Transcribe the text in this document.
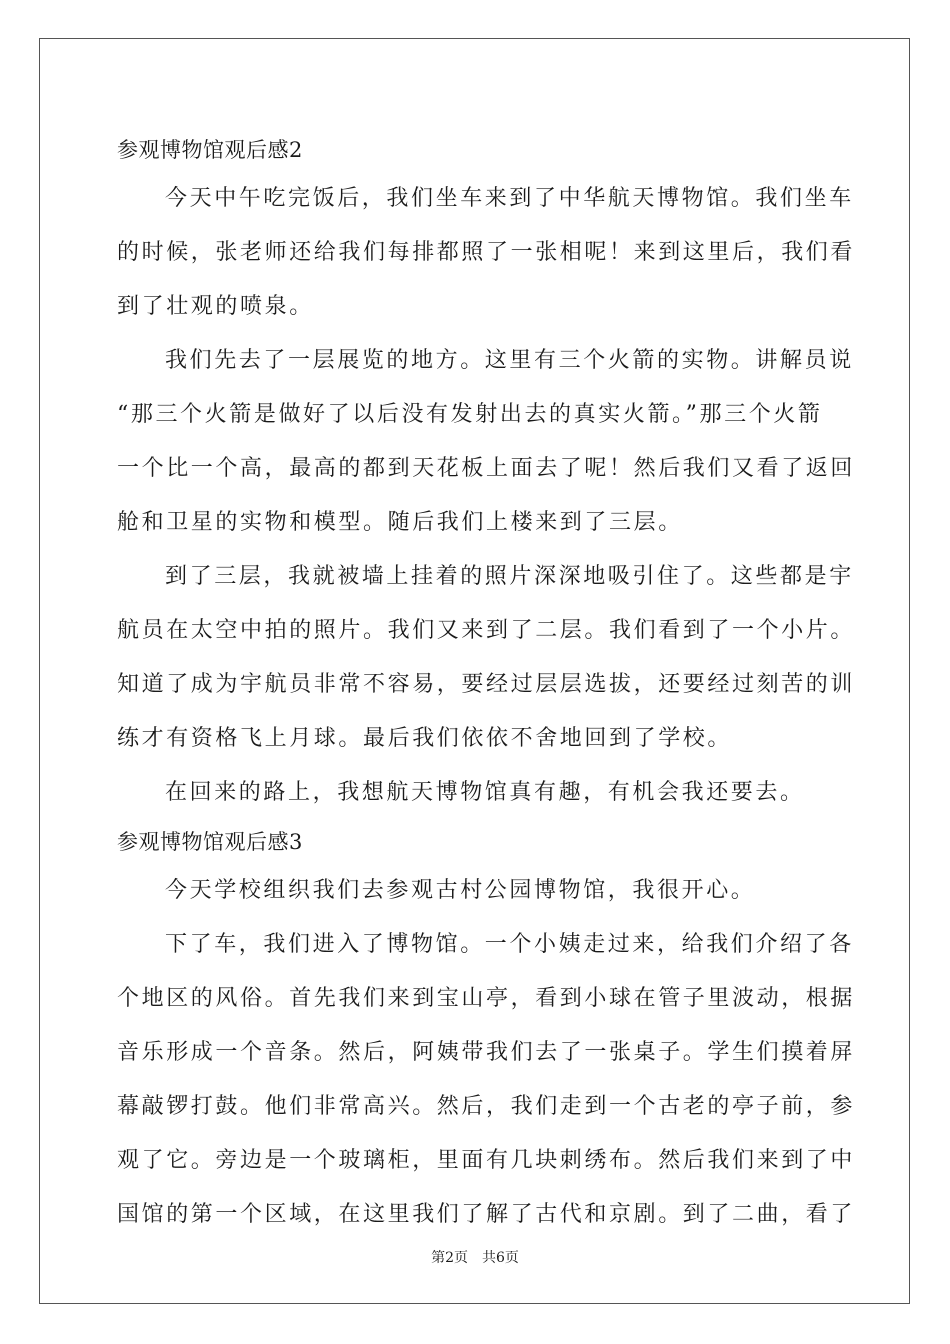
参观博物馆观后感2
今天中午吃完饭后，我们坐车来到了中华航天博物馆。我们坐车
的时候，张老师还给我们每排都照了一张相呢！来到这里后，我们看
到了壮观的喷泉。
我们先去了一层展览的地方。这里有三个火箭的实物。讲解员说
“那三个火箭是做好了以后没有发射出去的真实火箭。”那三个火箭
一个比一个高，最高的都到天花板上面去了呢！然后我们又看了返回
舱和卫星的实物和模型。随后我们上楼来到了三层。
到了三层，我就被墙上挂着的照片深深地吸引住了。这些都是宇
航员在太空中拍的照片。我们又来到了二层。我们看到了一个小片。
知道了成为宇航员非常不容易，要经过层层选拔，还要经过刻苦的训
练才有资格飞上月球。最后我们依依不舍地回到了学校。
在回来的路上，我想航天博物馆真有趣，有机会我还要去。
参观博物馆观后感3
今天学校组织我们去参观古村公园博物馆，我很开心。
下了车，我们进入了博物馆。一个小姨走过来，给我们介绍了各
个地区的风俗。首先我们来到宝山亭，看到小球在管子里波动，根据
音乐形成一个音条。然后，阿姨带我们去了一张桌子。学生们摸着屏
幕敲锣打鼓。他们非常高兴。然后，我们走到一个古老的亭子前，参
观了它。旁边是一个玻璃柜，里面有几块刺绣布。然后我们来到了中
国馆的第一个区域，在这里我们了解了古代和京剧。到了二曲，看了
第2页　共6页
